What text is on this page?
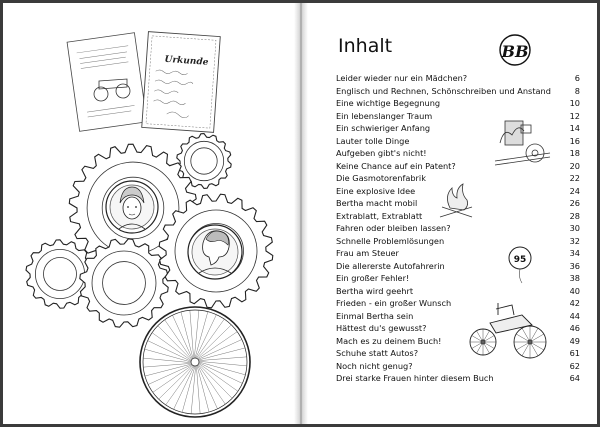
Urkunde
BB
95
Inhalt
Leider wieder nur ein Mädchen?	6
Englisch und Rechnen, Schönschreiben und Anstand	8
Eine wichtige Begegnung	10
Ein lebenslanger Traum	12
Ein schwieriger Anfang	14
Lauter tolle Dinge	16
Aufgeben gibt's nicht!	18
Keine Chance auf ein Patent?	20
Die Gasmotorenfabrik	22
Eine explosive Idee	24
Bertha macht mobil	26
Extrablatt, Extrablatt	28
Fahren oder bleiben lassen?	30
Schnelle Problemlösungen	32
Frau am Steuer	34
Die allererste Autofahrerin	36
Ein großer Fehler!	38
Bertha wird geehrt	40
Frieden - ein großer Wunsch	42
Einmal Bertha sein	44
Hättest du's gewusst?	46
Mach es zu deinem Buch!	49
Schuhe statt Autos?	61
Noch nicht genug?	62
Drei starke Frauen hinter diesem Buch	64
